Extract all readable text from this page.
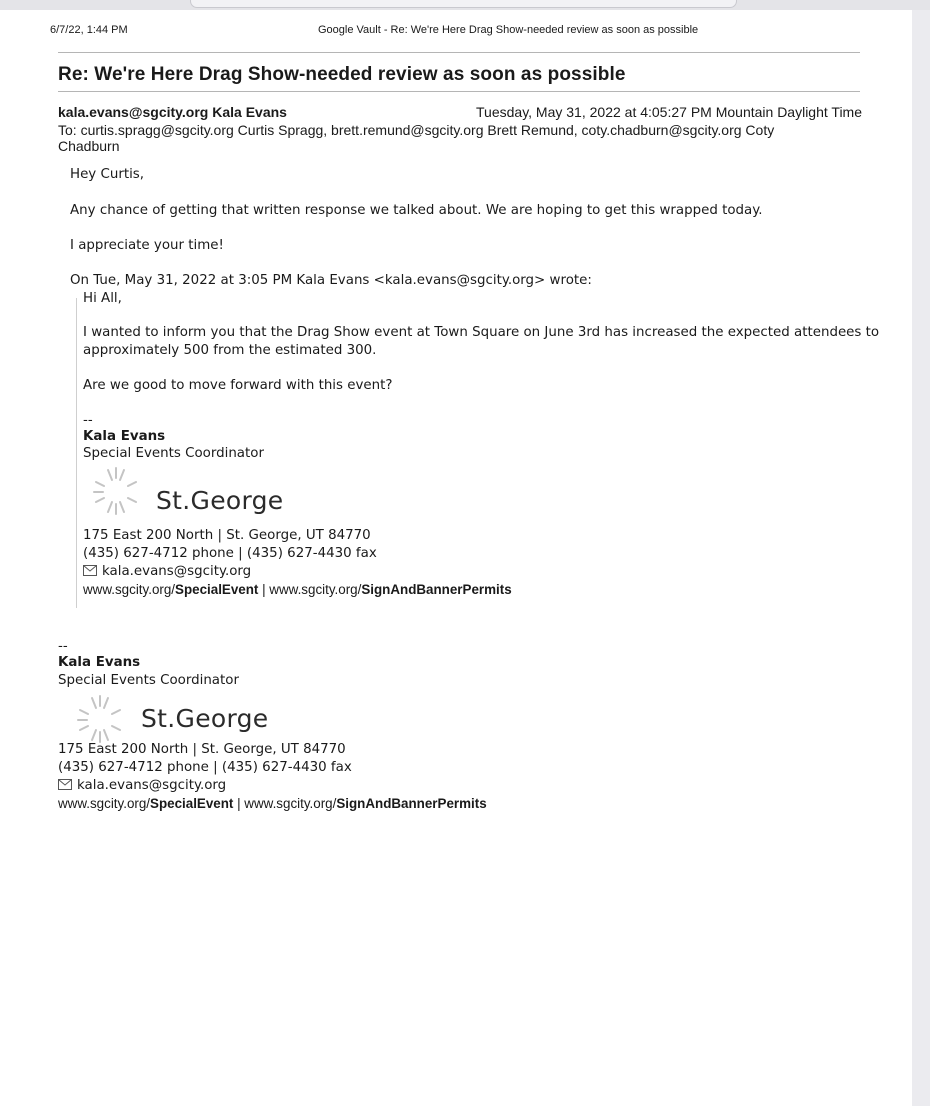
6/7/22, 1:44 PM	Google Vault - Re: We're Here Drag Show-needed review as soon as possible
Re: We're Here Drag Show-needed review as soon as possible
kala.evans@sgcity.org Kala Evans	Tuesday, May 31, 2022 at 4:05:27 PM Mountain Daylight Time
To: curtis.spragg@sgcity.org Curtis Spragg, brett.remund@sgcity.org Brett Remund, coty.chadburn@sgcity.org Coty
Chadburn
Hey Curtis,
Any chance of getting that written response we talked about. We are hoping to get this wrapped today.
I appreciate your time!
On Tue, May 31, 2022 at 3:05 PM Kala Evans <kala.evans@sgcity.org> wrote:
Hi All,
I wanted to inform you that the Drag Show event at Town Square on June 3rd has increased the expected attendees to
approximately 500 from the estimated 300.
Are we good to move forward with this event?
--
Kala Evans
Special Events Coordinator
St.George
175 East 200 North | St. George, UT 84770
(435) 627-4712 phone | (435) 627-4430 fax
kala.evans@sgcity.org
www.sgcity.org/SpecialEvent | www.sgcity.org/SignAndBannerPermits
--
Kala Evans
Special Events Coordinator
St.George
175 East 200 North | St. George, UT 84770
(435) 627-4712 phone | (435) 627-4430 fax
kala.evans@sgcity.org
www.sgcity.org/SpecialEvent | www.sgcity.org/SignAndBannerPermits
